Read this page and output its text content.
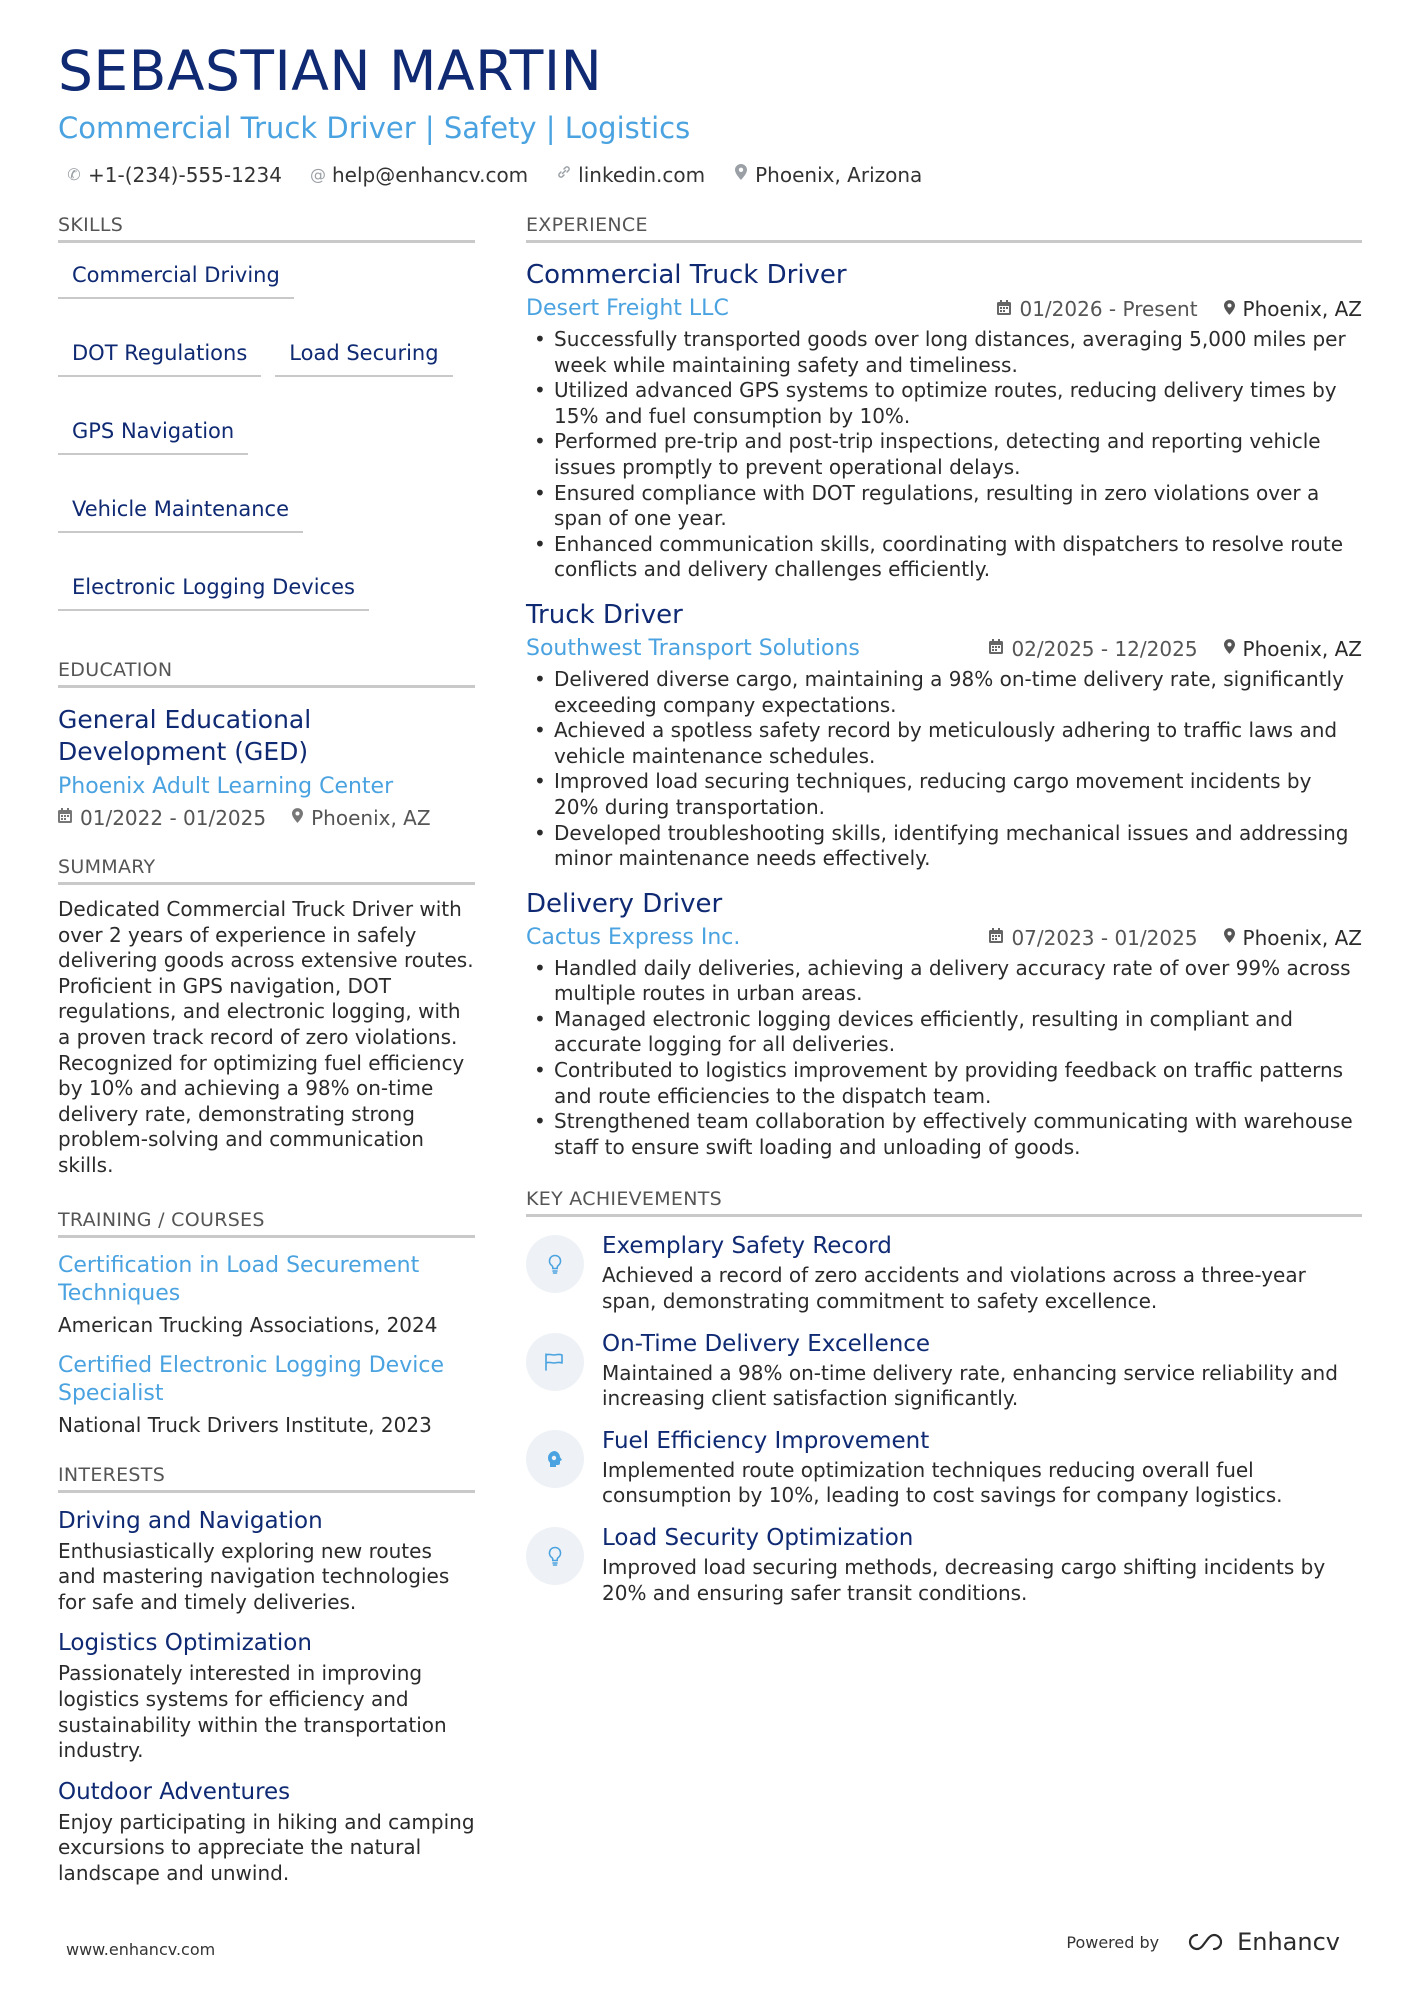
SEBASTIAN MARTIN
Commercial Truck Driver | Safety | Logistics
✆ +1-(234)-555-1234 @ help@enhancv.com	linkedin.com	Phoenix, Arizona
SKILLS
Commercial Driving
DOT Regulations	Load Securing
GPS Navigation
Vehicle Maintenance
Electronic Logging Devices
EDUCATION
General Educational Development (GED)
Phoenix Adult Learning Center
01/2022 - 01/2025 Phoenix, AZ
SUMMARY
Dedicated Commercial Truck Driver with over 2 years of experience in safely delivering goods across extensive routes. Proficient in GPS navigation, DOT regulations, and electronic logging, with a proven track record of zero violations. Recognized for optimizing fuel efficiency by 10% and achieving a 98% on-time delivery rate, demonstrating strong problem-solving and communication skills.
TRAINING / COURSES
Certification in Load Securement Techniques
American Trucking Associations, 2024
Certified Electronic Logging Device Specialist
National Truck Drivers Institute, 2023
INTERESTS
Driving and Navigation
Enthusiastically exploring new routes and mastering navigation technologies for safe and timely deliveries.
Logistics Optimization
Passionately interested in improving logistics systems for efficiency and sustainability within the transportation industry.
Outdoor Adventures
Enjoy participating in hiking and camping excursions to appreciate the natural landscape and unwind.
EXPERIENCE
Commercial Truck Driver
Desert Freight LLC	01/2026 - Present Phoenix, AZ
• Successfully transported goods over long distances, averaging 5,000 miles per week while maintaining safety and timeliness.
• Utilized advanced GPS systems to optimize routes, reducing delivery times by 15% and fuel consumption by 10%.
• Performed pre-trip and post-trip inspections, detecting and reporting vehicle issues promptly to prevent operational delays.
• Ensured compliance with DOT regulations, resulting in zero violations over a span of one year.
• Enhanced communication skills, coordinating with dispatchers to resolve route conflicts and delivery challenges efficiently.
Truck Driver
Southwest Transport Solutions	02/2025 - 12/2025 Phoenix, AZ
• Delivered diverse cargo, maintaining a 98% on-time delivery rate, significantly exceeding company expectations.
• Achieved a spotless safety record by meticulously adhering to traffic laws and vehicle maintenance schedules.
• Improved load securing techniques, reducing cargo movement incidents by 20% during transportation.
• Developed troubleshooting skills, identifying mechanical issues and addressing minor maintenance needs effectively.
Delivery Driver
Cactus Express Inc.	07/2023 - 01/2025 Phoenix, AZ
• Handled daily deliveries, achieving a delivery accuracy rate of over 99% across multiple routes in urban areas.
• Managed electronic logging devices efficiently, resulting in compliant and accurate logging for all deliveries.
• Contributed to logistics improvement by providing feedback on traffic patterns and route efficiencies to the dispatch team.
• Strengthened team collaboration by effectively communicating with warehouse staff to ensure swift loading and unloading of goods.
KEY ACHIEVEMENTS
Exemplary Safety Record
Achieved a record of zero accidents and violations across a three-year span, demonstrating commitment to safety excellence.
On-Time Delivery Excellence
Maintained a 98% on-time delivery rate, enhancing service reliability and increasing client satisfaction significantly.
Fuel Efficiency Improvement
Implemented route optimization techniques reducing overall fuel consumption by 10%, leading to cost savings for company logistics.
Load Security Optimization
Improved load securing methods, decreasing cargo shifting incidents by 20% and ensuring safer transit conditions.
www.enhancv.com	Powered by	Enhancv
